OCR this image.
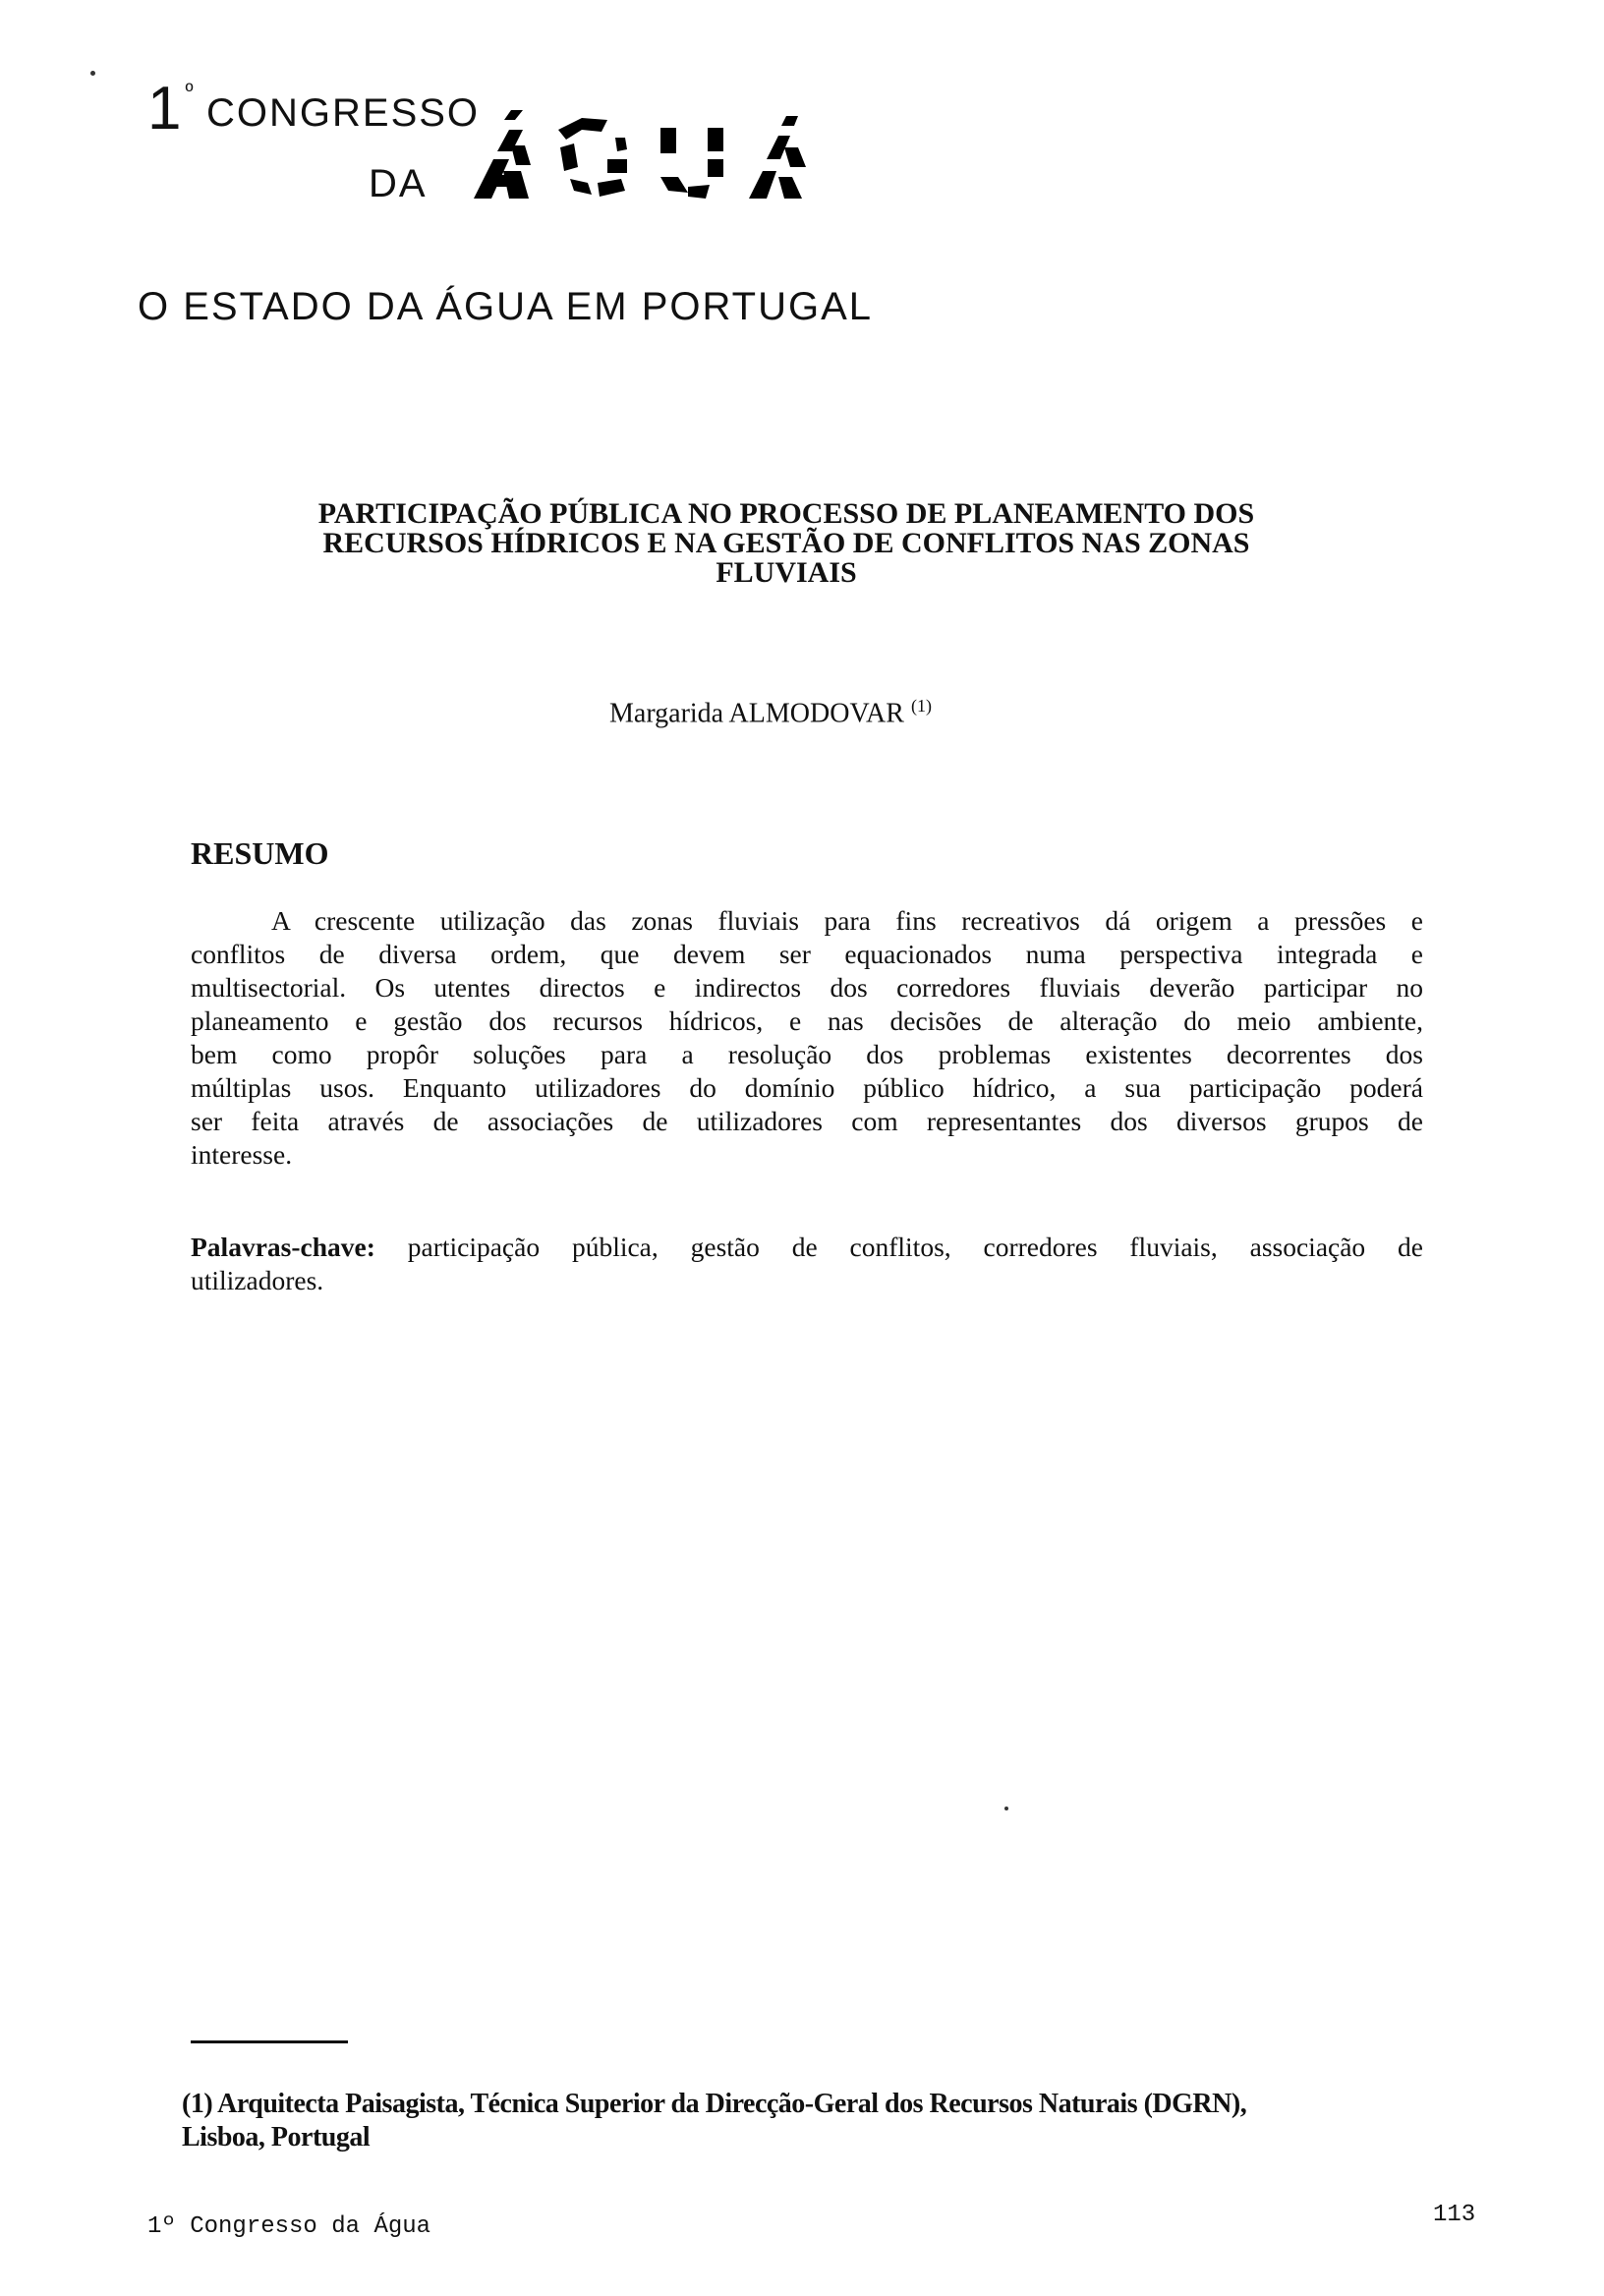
1 $^º$
CONGRESSO
DA
O ESTADO DA ÁGUA EM PORTUGAL
PARTICIPAÇÃO PÚBLICA NO PROCESSO DE PLANEAMENTO DOS
RECURSOS HÍDRICOS E NA GESTÃO DE CONFLITOS NAS ZONAS
FLUVIAIS
Margarida ALMODOVAR $^{(1)}$
RESUMO
A crescente utilização das zonas fluviais para fins recreativos dá origem a pressões e
conflitos de diversa ordem, que devem ser equacionados numa perspectiva integrada e
multisectorial. Os utentes directos e indirectos dos corredores fluviais deverão participar no
planeamento e gestão dos recursos hídricos, e nas decisões de alteração do meio ambiente,
bem como propôr soluções para a resolução dos problemas existentes decorrentes dos
múltiplas usos. Enquanto utilizadores do domínio público hídrico, a sua participação poderá
ser feita através de associações de utilizadores com representantes dos diversos grupos de
interesse.
Palavras-chave: participação pública, gestão de conflitos, corredores fluviais, associação de
utilizadores.
(1) Arquitecta Paisagista, Técnica Superior da Direcção-Geral dos Recursos Naturais (DGRN),
Lisboa, Portugal
1º Congresso da Água	113
